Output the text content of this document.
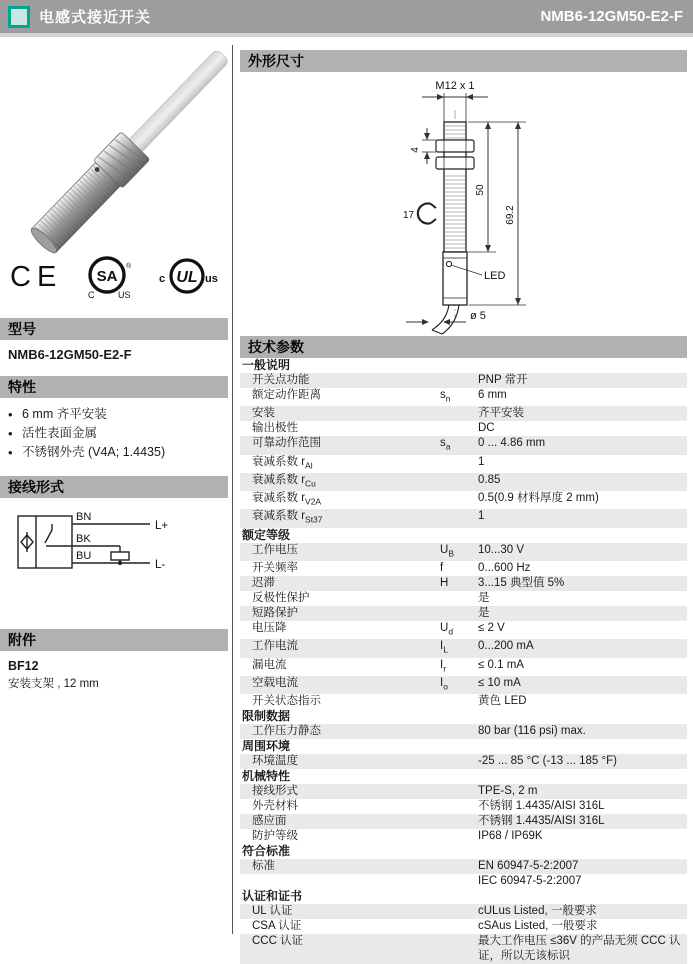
电感式接近开关	NMB6-12GM50-E2-F
CE SA
®
C	US
UL
c	us
型号
NMB6-12GM50-E2-F
特性
• 6 mm 齐平安装
• 活性表面金属
• 不锈钢外壳 (V4A; 1.4435)
接线形式
BN
BK
BU
L+
L-
附件
BF12
安装支架 , 12 mm
外形尺寸
M12 x 1
4
17
LED
ø 5
50
69.2
技术参数
一般说明
开关点功能	PNP 常开
额定动作距离	$s_n$	6 mm
安装	齐平安装
输出极性	DC
可靠动作范围	$s_a$	0 ... 4.86 mm
衰减系数 $r_{Al}$	1
衰减系数 $r_{Cu}$	0.85
衰减系数 $r_{V2A}$	0.5(0.9 材料厚度 2 mm)
衰减系数 $r_{St37}$	1
额定等级
工作电压	$U_B$	10...30 V
开关频率	f	0...600 Hz
迟滞	H	3...15 典型值 5%
反极性保护	是
短路保护	是
电压降	$U_d$	≤ 2 V
工作电流	$I_L$	0...200 mA
漏电流	$I_r$	≤ 0.1 mA
空载电流	$I_o$	≤ 10 mA
开关状态指示	黄色 LED
限制数据
工作压力静态	80 bar (116 psi) max.
周围环境
环境温度	-25 ... 85 °C (-13 ... 185 °F)
机械特性
接线形式	TPE-S, 2 m
外壳材料	不锈钢 1.4435/AISI 316L
感应面	不锈钢 1.4435/AISI 316L
防护等级	IP68 / IP69K
符合标准
标准	EN 60947-5-2:2007
IEC 60947-5-2:2007
认证和证书
UL 认证	cULus Listed, 一般要求
CSA 认证	cSAus Listed, 一般要求
CCC 认证	最大工作电压 ≤36V 的产品无须 CCC 认证，所以无该标识
